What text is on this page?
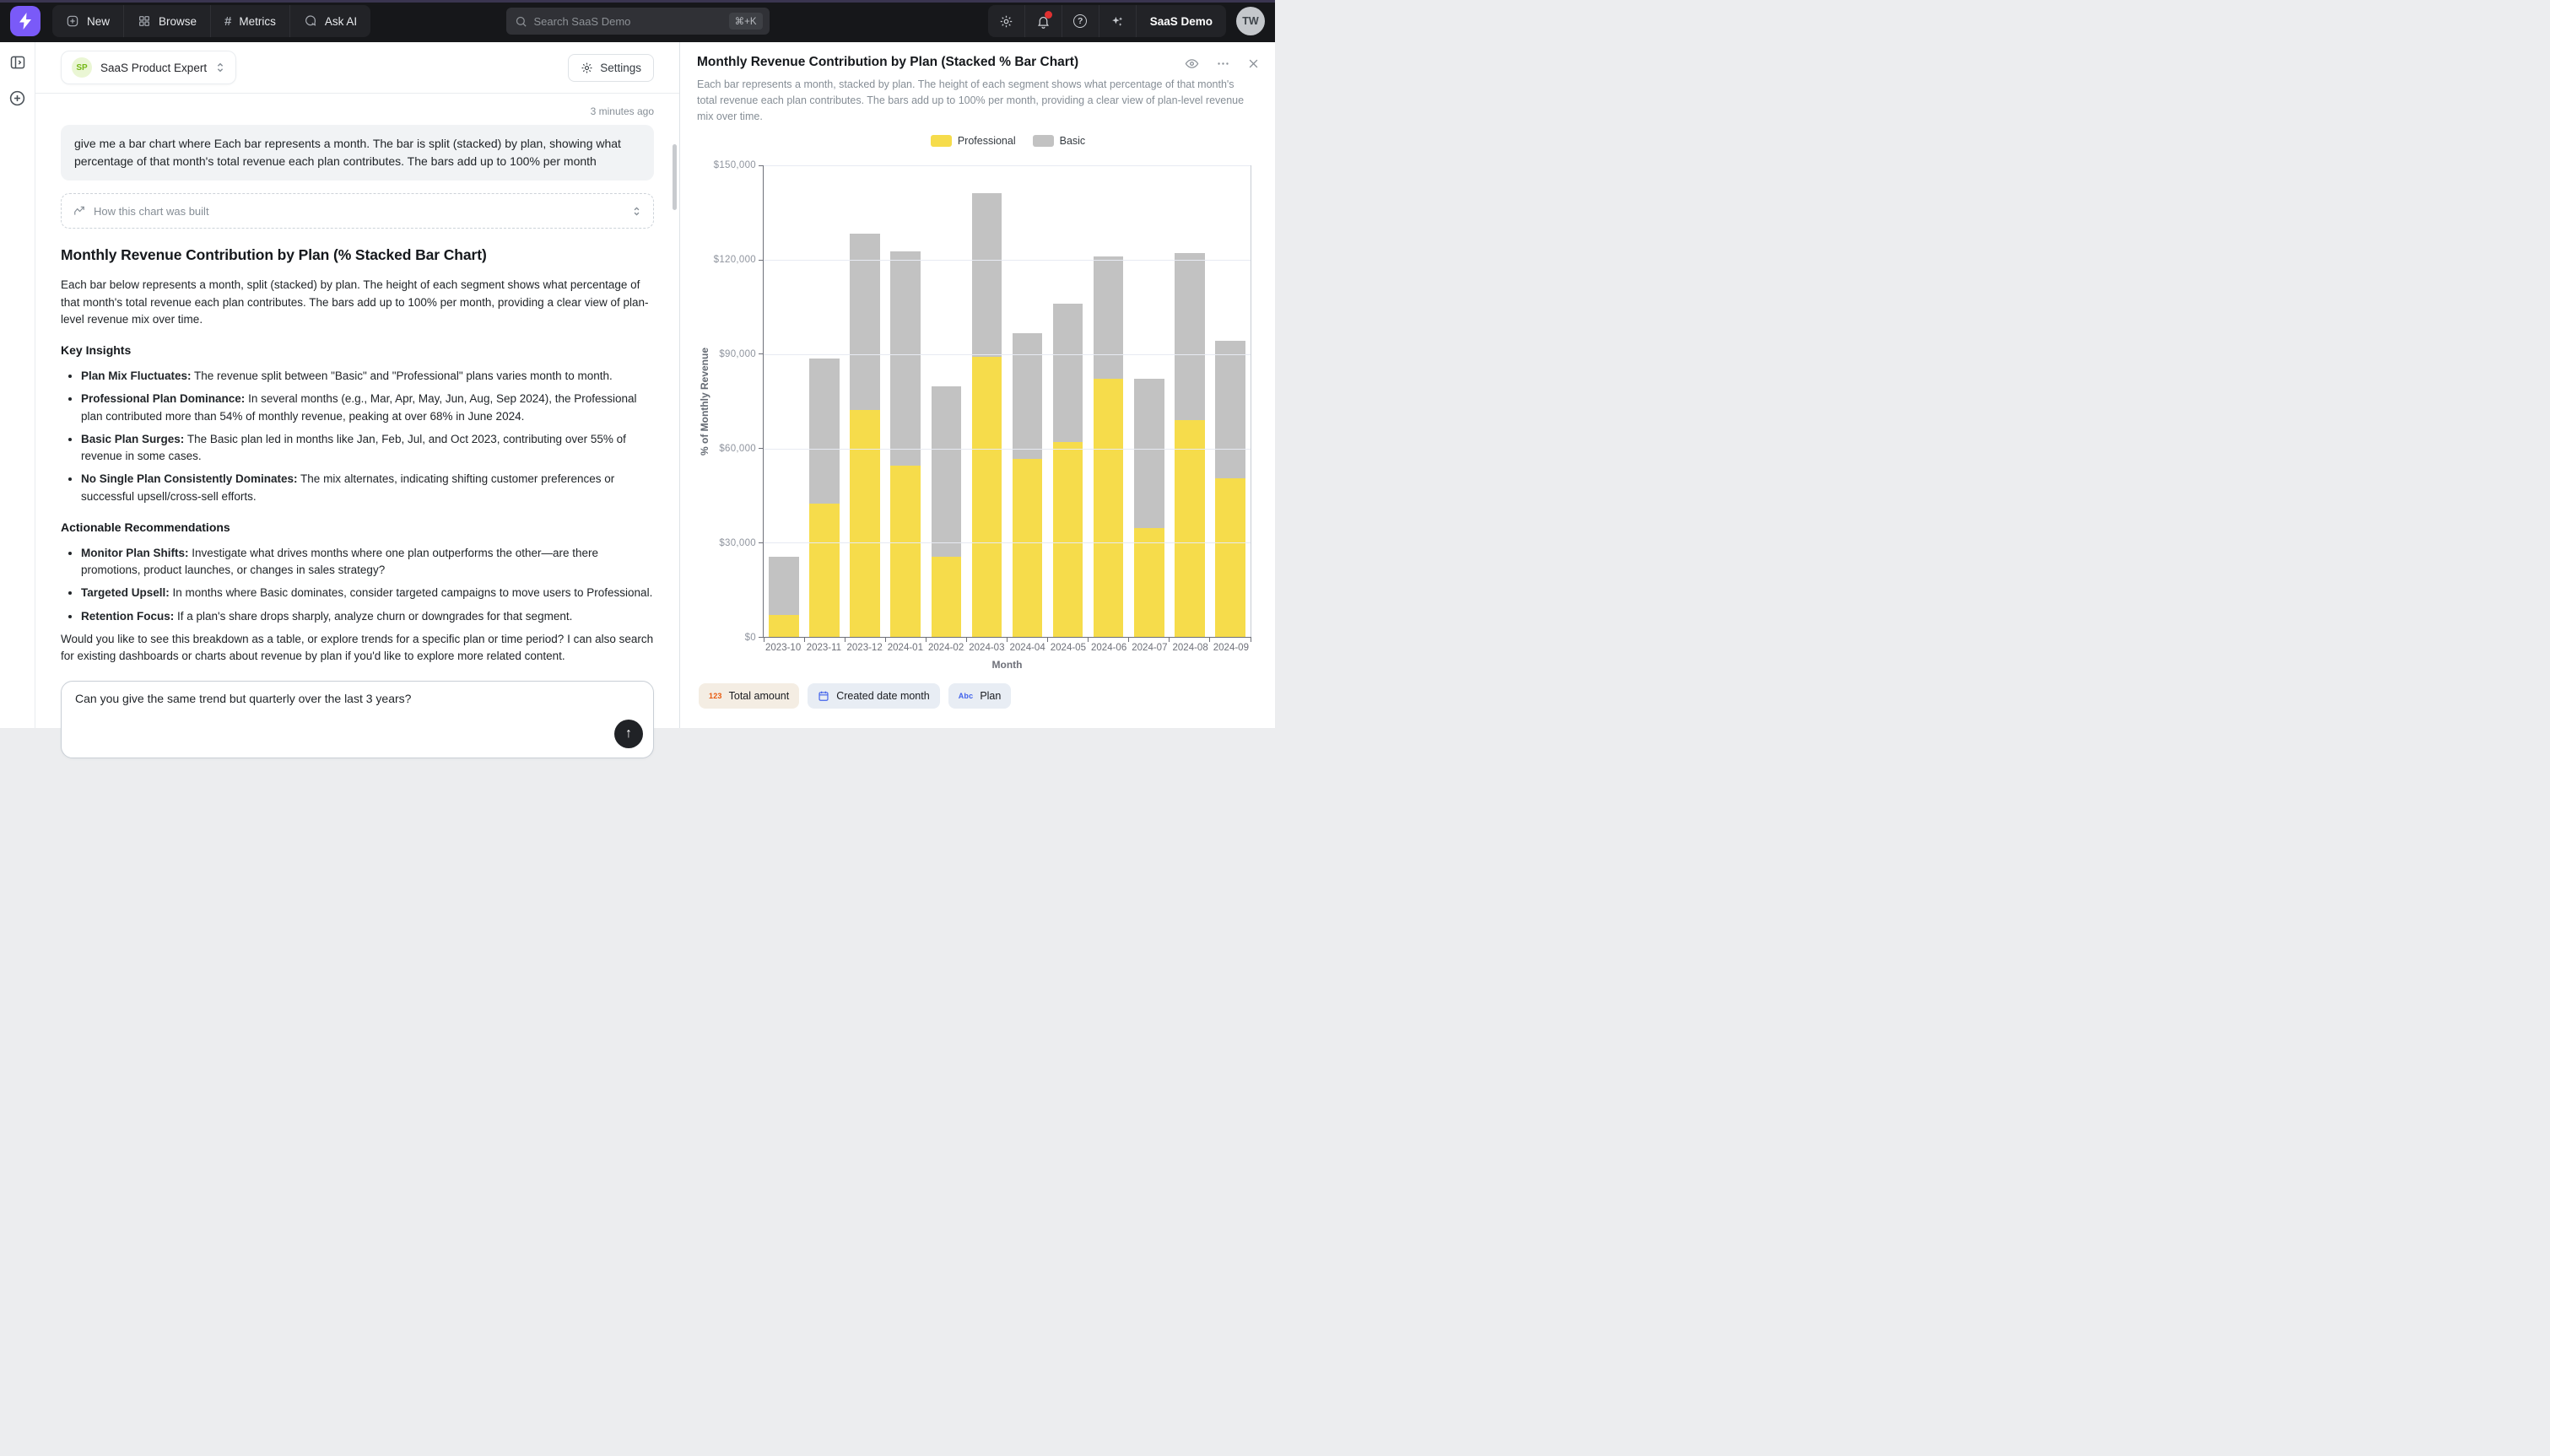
New	Browse # Metrics	Ask AI	Search SaaS Demo	⌘+K	?	SaaS Demo	TW
SP	SaaS Product Expert	Settings
3 minutes ago
give me a bar chart where Each bar represents a month. The bar is split (stacked) by plan, showing what percentage of that month's total revenue each plan contributes. The bars add up to 100% per month
How this chart was built
Monthly Revenue Contribution by Plan (% Stacked Bar Chart)

Each bar below represents a month, split (stacked) by plan. The height of each segment shows what percentage of that month's total revenue each plan contributes. The bars add up to 100% per month, providing a clear view of plan-level revenue mix over time.

Key Insights
• Plan Mix Fluctuates: The revenue split between "Basic" and "Professional" plans varies month to month.
• Professional Plan Dominance: In several months (e.g., Mar, Apr, May, Jun, Aug, Sep 2024), the Professional plan contributed more than 54% of monthly revenue, peaking at over 68% in June 2024.
• Basic Plan Surges: The Basic plan led in months like Jan, Feb, Jul, and Oct 2023, contributing over 55% of revenue in some cases.
• No Single Plan Consistently Dominates: The mix alternates, indicating shifting customer preferences or successful upsell/cross-sell efforts.
Actionable Recommendations
• Monitor Plan Shifts: Investigate what drives months where one plan outperforms the other—are there promotions, product launches, or changes in sales strategy?
• Targeted Upsell: In months where Basic dominates, consider targeted campaigns to move users to Professional.
• Retention Focus: If a plan's share drops sharply, analyze churn or downgrades for that segment.

Would you like to see this breakdown as a table, or explore trends for a specific plan or time period? I can also search for existing dashboards or charts about revenue by plan if you'd like to explore more related content.

Can you give the same trend but quarterly over the last 3 years?
↑
Monthly Revenue Contribution by Plan (Stacked % Bar Chart)
Each bar represents a month, stacked by plan. The height of each segment shows what percentage of that month's total revenue each plan contributes. The bars add up to 100% per month, providing a clear view of plan-level revenue mix over time.
Professional	Basic
% of Monthly Revenue
$0
$30,000
$60,000
$90,000
$120,000
$150,000
2023-10 2023-11 2023-12 2024-01 2024-02 2024-03 2024-04 2024-05 2024-06 2024-07 2024-08 2024-09
Month
123 Total amount	Created date month	Abc Plan
